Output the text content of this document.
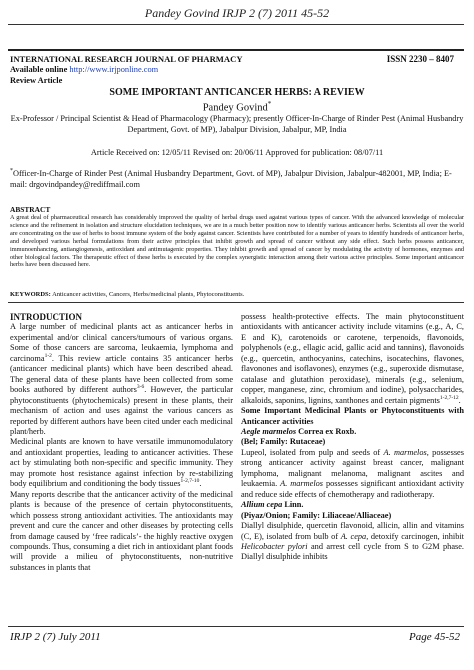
Pandey Govind IRJP 2 (7) 2011 45-52
INTERNATIONAL RESEARCH JOURNAL OF PHARMACY	ISSN 2230 – 8407
Available online http://www.irjponline.com
Review Article
SOME IMPORTANT ANTICANCER HERBS: A REVIEW
Pandey Govind*
Ex-Professor / Principal Scientist & Head of Pharmacology (Pharmacy); presently Officer-In-Charge of Rinder Pest (Animal Husbandry Department, Govt. of MP), Jabalpur Division, Jabalpur, MP, India
Article Received on: 12/05/11 Revised on: 20/06/11 Approved for publication: 08/07/11
*Officer-In-Charge of Rinder Pest (Animal Husbandry Department, Govt. of MP), Jabalpur Division, Jabalpur-482001, MP, India; E-mail: drgovindpandey@rediffmail.com
ABSTRACT
A great deal of pharmaceutical research has considerably improved the quality of herbal drugs used against various types of cancer. With the advanced knowledge of molecular science and the refinement in isolation and structure elucidation techniques, we are in a much better position now to identify various anticancer herbs. Scientists all over the world are concentrating on the use of herbs to boost immune system of the body against cancer. Scientists have contributed for a number of years to identify hundreds of anticancer herbs, and developed various herbal formulations from their active principles that inhibit growth and spread of cancer without any side effect. Such herbs possess anticancer, immunoenhancing, antiangiogenesis, antioxidant and antimutagenic properties. They inhibit growth and spread of cancer by modulating the activity of hormones, enzymes and other biological factors. The therapeutic effect of these herbs is executed by the complex synergistic interaction among their various active principles. Some important anticancer herbs have been discussed here.
KEYWORDS: Anticancer activities, Cancers, Herbs/medicinal plants, Phytoconstituents.

INTRODUCTION

A large number of medicinal plants act as anticancer herbs in experimental and/or clinical cancers/tumours of various organs. Some of those cancers are sarcoma, leukaemia, lymphoma and carcinoma$^{1-2}$. This review article contains 35 anticancer herbs (anticancer medicinal plants) which have been described ahead. The general data of these plants have been collected from some books authored by different authors$^{3-6}$. However, the particular phytoconstituents (phytochemicals) present in these plants, their mechanism of action and uses against the various cancers as reported by different authors have been cited under each medicinal plant/herb.

Medicinal plants are known to have versatile immunomodulatory and antioxidant properties, leading to anticancer activities. These act by stimulating both non-specific and specific immunity. They may promote host resistance against infection by re-stabilizing body equilibrium and conditioning the body tissues$^{1-2,7-10}$.

Many reports describe that the anticancer activity of the medicinal plants is because of the presence of certain phytoconstituents, which possess strong antioxidant activities. The antioxidants may prevent and cure the cancer and other diseases by protecting cells from damage caused by ‘free radicals’- the highly reactive oxygen compounds. Thus, consuming a diet rich in antioxidant plant foods will provide a milieu of phytoconstituents, non-nutritive substances in plants that

possess health-protective effects. The main phytoconstituent antioxidants with anticancer activity include vitamins (e.g., A, C, E and K), carotenoids or carotene, terpenoids, flavonoids, polyphenols (e.g., ellagic acid, gallic acid and tannins), flavonoids (e.g., quercetin, anthocyanins, catechins, isocatechins, flavones, flavonones and isoflavones), enzymes (e.g., superoxide dismutase, catalase and glutathion peroxidase), minerals (e.g., selenium, copper, manganese, zinc, chromium and iodine), polysaccharides, alkaloids, saponins, lignins, xanthones and certain pigments$^{1-2,7-12}$.

Some Important Medicinal Plants or Phytoconstituents with Anticancer activities

Aegle marmelos Correa ex Roxb.

(Bel; Family: Rutaceae)

Lupeol, isolated from pulp and seeds of A. marmelos, possesses strong anticancer activity against breast cancer, malignant lymphoma, malignant melanoma, malignant ascites and leukaemia. A. marmelos possesses significant antioxidant activity and reduce side effects of chemotherapy and radiotherapy.

Allium cepa Linn.

(Piyaz/Onion; Family: Liliaceae/Alliaceae)

Diallyl disulphide, quercetin flavonoid, allicin, allin and vitamins (C, E), isolated from bulb of A. cepa, detoxify carcinogen, inhibit Helicobacter pylori and arrest cell cycle from S to G2M phase. Diallyl disulphide inhibits

IRJP 2 (7) July 2011	Page 45-52
